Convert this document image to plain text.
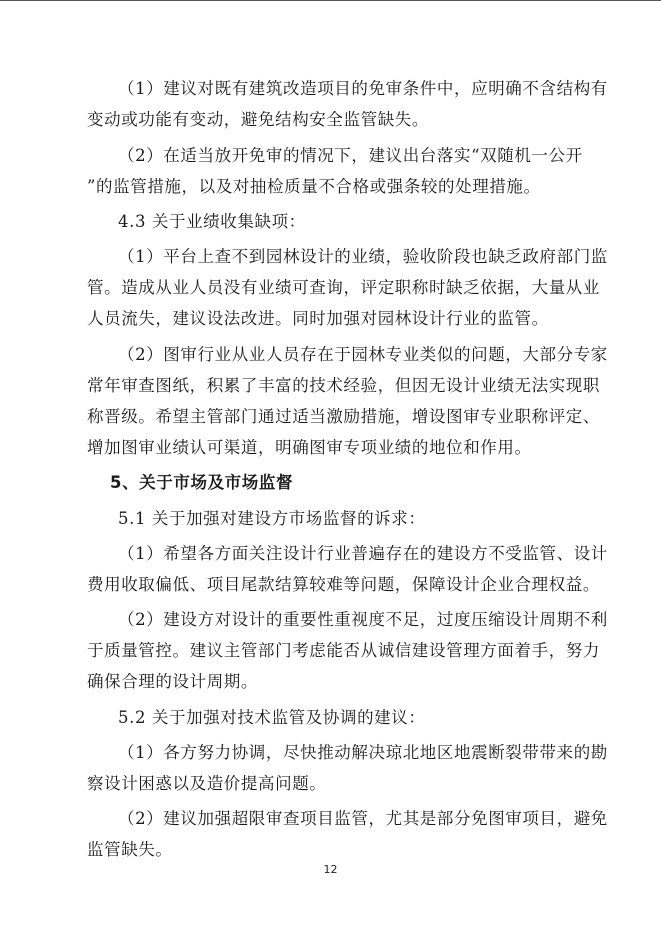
（1）建议对既有建筑改造项目的免审条件中，应明确不含结构有
变动或功能有变动，避免结构安全监管缺失。
（2）在适当放开免审的情况下，建议出台落实“双随机一公开
”的监管措施，以及对抽检质量不合格或强条较的处理措施。
4.3 关于业绩收集缺项：
（1）平台上查不到园林设计的业绩，验收阶段也缺乏政府部门监
管。造成从业人员没有业绩可查询，评定职称时缺乏依据，大量从业
人员流失，建议设法改进。同时加强对园林设计行业的监管。
（2）图审行业从业人员存在于园林专业类似的问题，大部分专家
常年审查图纸，积累了丰富的技术经验，但因无设计业绩无法实现职
称晋级。希望主管部门通过适当激励措施，增设图审专业职称评定、
增加图审业绩认可渠道，明确图审专项业绩的地位和作用。
5、关于市场及市场监督
5.1 关于加强对建设方市场监督的诉求：
（1）希望各方面关注设计行业普遍存在的建设方不受监管、设计
费用收取偏低、项目尾款结算较难等问题，保障设计企业合理权益。
（2）建设方对设计的重要性重视度不足，过度压缩设计周期不利
于质量管控。建议主管部门考虑能否从诚信建设管理方面着手，努力
确保合理的设计周期。
5.2 关于加强对技术监管及协调的建议：
（1）各方努力协调，尽快推动解决琼北地区地震断裂带带来的勘
察设计困惑以及造价提高问题。
（2）建议加强超限审查项目监管，尤其是部分免图审项目，避免
监管缺失。
12
